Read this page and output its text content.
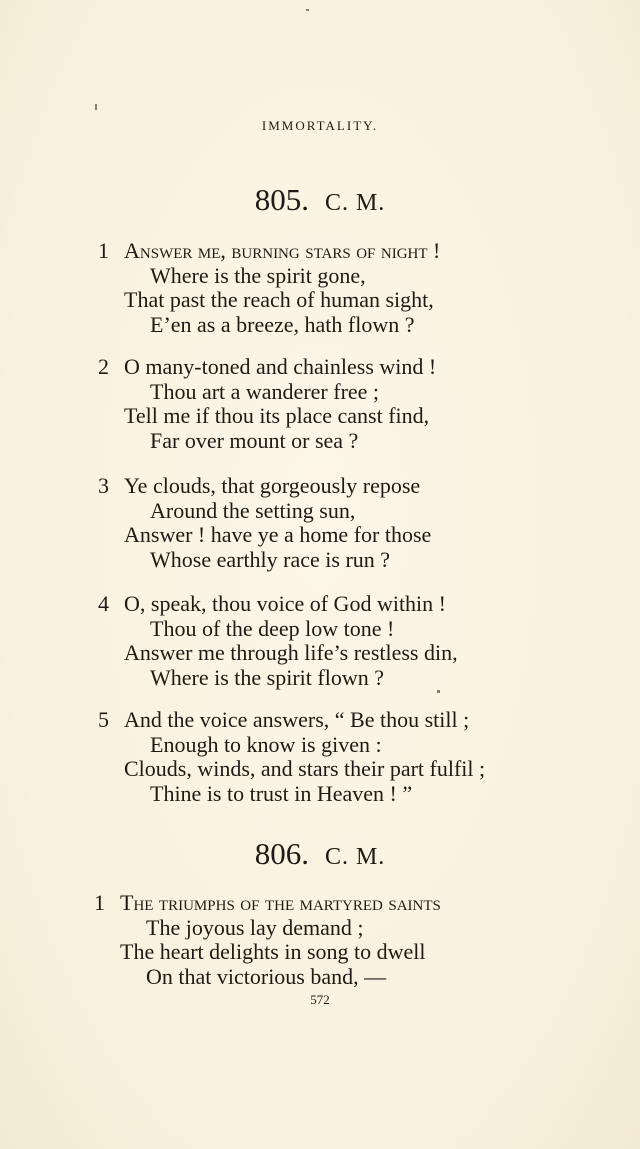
IMMORTALITY.
805. C. M.
1 Answer me, burning stars of night !
Where is the spirit gone,
That past the reach of human sight,
E’en as a breeze, hath flown ?
2 O many-toned and chainless wind !
Thou art a wanderer free ;
Tell me if thou its place canst find,
Far over mount or sea ?
3 Ye clouds, that gorgeously repose
Around the setting sun,
Answer ! have ye a home for those
Whose earthly race is run ?
4 O, speak, thou voice of God within !
Thou of the deep low tone !
Answer me through life’s restless din,
Where is the spirit flown ?
5 And the voice answers, “ Be thou still ;
Enough to know is given :
Clouds, winds, and stars their part fulfil ;
Thine is to trust in Heaven ! ”
806. C. M.
1 The triumphs of the martyred saints
The joyous lay demand ;
The heart delights in song to dwell
On that victorious band, —
572
